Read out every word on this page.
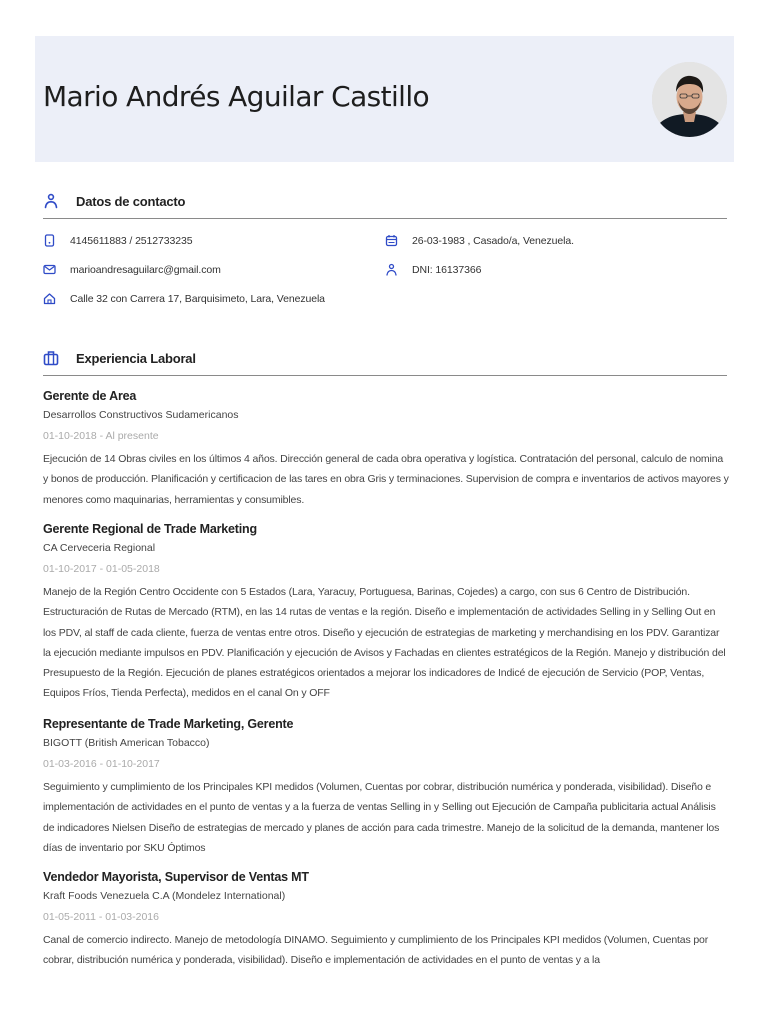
Mario Andrés Aguilar Castillo
Datos de contacto
4145611883 / 2512733235
marioandresaguilarc@gmail.com
Calle 32 con Carrera 17, Barquisimeto, Lara, Venezuela
26-03-1983 , Casado/a, Venezuela.
DNI: 16137366
Experiencia Laboral
Gerente de Area
Desarrollos Constructivos Sudamericanos
01-10-2018 - Al presente
Ejecución de 14 Obras civiles en los últimos 4 años. Dirección general de cada obra operativa y logística. Contratación del personal, calculo de nomina y bonos de producción. Planificación y certificacion de las tares en obra Gris y terminaciones. Supervision de compra e inventarios de activos mayores y menores como maquinarias, herramientas y consumibles.
Gerente Regional de Trade Marketing
CA Cerveceria Regional
01-10-2017 - 01-05-2018
Manejo de la Región Centro Occidente con 5 Estados (Lara, Yaracuy, Portuguesa, Barinas, Cojedes) a cargo, con sus 6 Centro de Distribución. Estructuración de Rutas de Mercado (RTM), en las 14 rutas de ventas e la región. Diseño e implementación de actividades Selling in y Selling Out en los PDV, al staff de cada cliente, fuerza de ventas entre otros. Diseño y ejecución de estrategias de marketing y merchandising en los PDV. Garantizar la ejecución mediante impulsos en PDV. Planificación y ejecución de Avisos y Fachadas en clientes estratégicos de la Región. Manejo y distribución del Presupuesto de la Región. Ejecución de planes estratégicos orientados a mejorar los indicadores de Indicé de ejecución de Servicio (POP, Ventas, Equipos Fríos, Tienda Perfecta), medidos en el canal On y OFF
Representante de Trade Marketing, Gerente
BIGOTT (British American Tobacco)
01-03-2016 - 01-10-2017
Seguimiento y cumplimiento de los Principales KPI medidos (Volumen, Cuentas por cobrar, distribución numérica y ponderada, visibilidad). Diseño e implementación de actividades en el punto de ventas y a la fuerza de ventas Selling in y Selling out Ejecución de Campaña publicitaria actual Análisis de indicadores Nielsen Diseño de estrategias de mercado y planes de acción para cada trimestre. Manejo de la solicitud de la demanda, mantener los días de inventario por SKU Óptimos
Vendedor Mayorista, Supervisor de Ventas MT
Kraft Foods Venezuela C.A (Mondelez International)
01-05-2011 - 01-03-2016
Canal de comercio indirecto. Manejo de metodología DINAMO. Seguimiento y cumplimiento de los Principales KPI medidos (Volumen, Cuentas por cobrar, distribución numérica y ponderada, visibilidad). Diseño e implementación de actividades en el punto de ventas y a la
